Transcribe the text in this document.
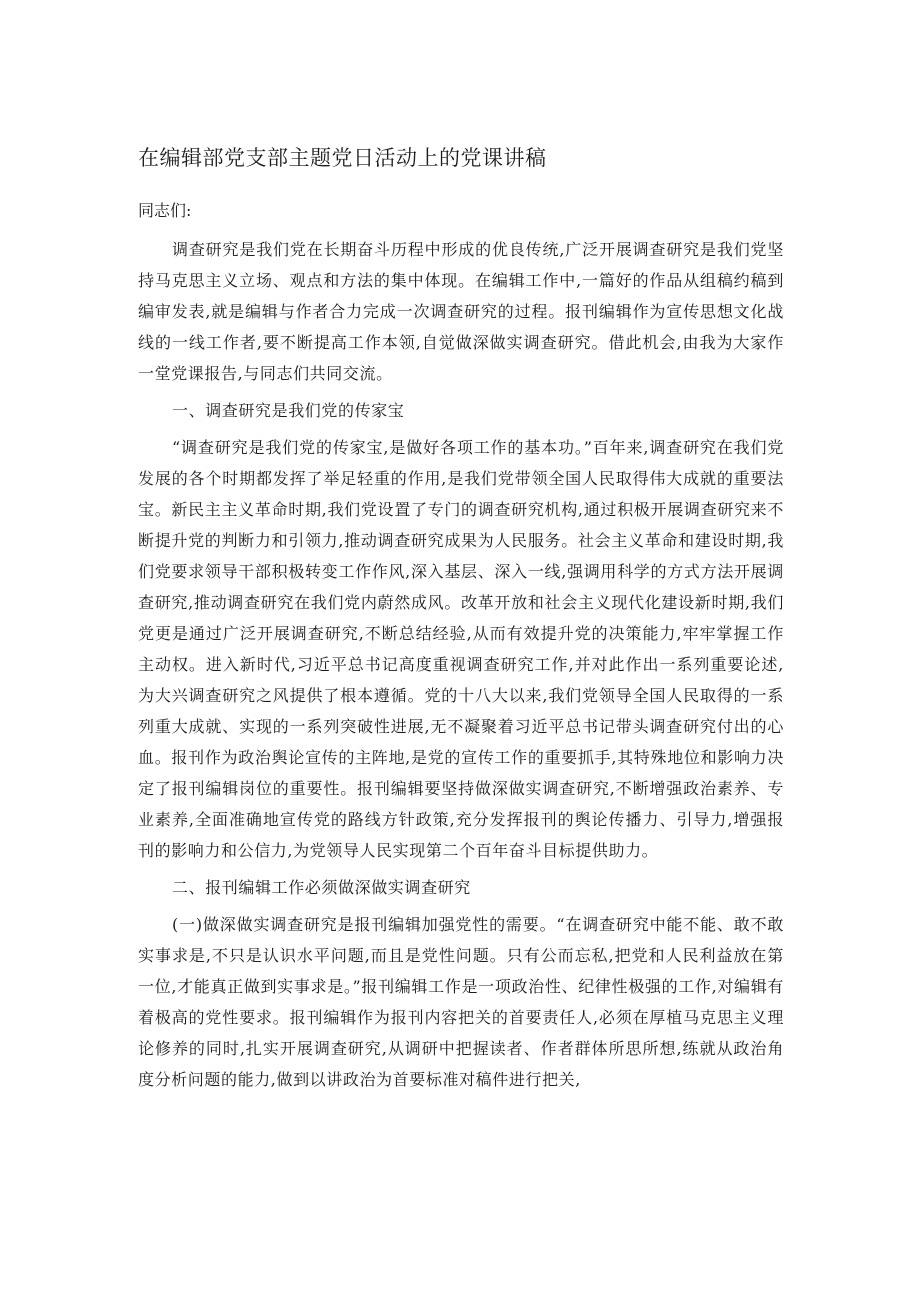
在编辑部党支部主题党日活动上的党课讲稿

同志们:

调查研究是我们党在长期奋斗历程中形成的优良传统,广泛开展调查研究是我们党坚持马克思主义立场、观点和方法的集中体现。在编辑工作中,一篇好的作品从组稿约稿到编审发表,就是编辑与作者合力完成一次调查研究的过程。报刊编辑作为宣传思想文化战线的一线工作者,要不断提高工作本领,自觉做深做实调查研究。借此机会,由我为大家作一堂党课报告,与同志们共同交流。

一、调查研究是我们党的传家宝

“调查研究是我们党的传家宝,是做好各项工作的基本功。”百年来,调查研究在我们党发展的各个时期都发挥了举足轻重的作用,是我们党带领全国人民取得伟大成就的重要法宝。新民主主义革命时期,我们党设置了专门的调查研究机构,通过积极开展调查研究来不断提升党的判断力和引领力,推动调查研究成果为人民服务。社会主义革命和建设时期,我们党要求领导干部积极转变工作作风,深入基层、深入一线,强调用科学的方式方法开展调查研究,推动调查研究在我们党内蔚然成风。改革开放和社会主义现代化建设新时期,我们党更是通过广泛开展调查研究,不断总结经验,从而有效提升党的决策能力,牢牢掌握工作主动权。进入新时代,习近平总书记高度重视调查研究工作,并对此作出一系列重要论述,为大兴调查研究之风提供了根本遵循。党的十八大以来,我们党领导全国人民取得的一系列重大成就、实现的一系列突破性进展,无不凝聚着习近平总书记带头调查研究付出的心血。报刊作为政治舆论宣传的主阵地,是党的宣传工作的重要抓手,其特殊地位和影响力决定了报刊编辑岗位的重要性。报刊编辑要坚持做深做实调查研究,不断增强政治素养、专业素养,全面准确地宣传党的路线方针政策,充分发挥报刊的舆论传播力、引导力,增强报刊的影响力和公信力,为党领导人民实现第二个百年奋斗目标提供助力。

二、报刊编辑工作必须做深做实调查研究

(一)做深做实调查研究是报刊编辑加强党性的需要。“在调查研究中能不能、敢不敢实事求是,不只是认识水平问题,而且是党性问题。只有公而忘私,把党和人民利益放在第一位,才能真正做到实事求是。”报刊编辑工作是一项政治性、纪律性极强的工作,对编辑有着极高的党性要求。报刊编辑作为报刊内容把关的首要责任人,必须在厚植马克思主义理论修养的同时,扎实开展调查研究,从调研中把握读者、作者群体所思所想,练就从政治角度分析问题的能力,做到以讲政治为首要标准对稿件进行把关,
